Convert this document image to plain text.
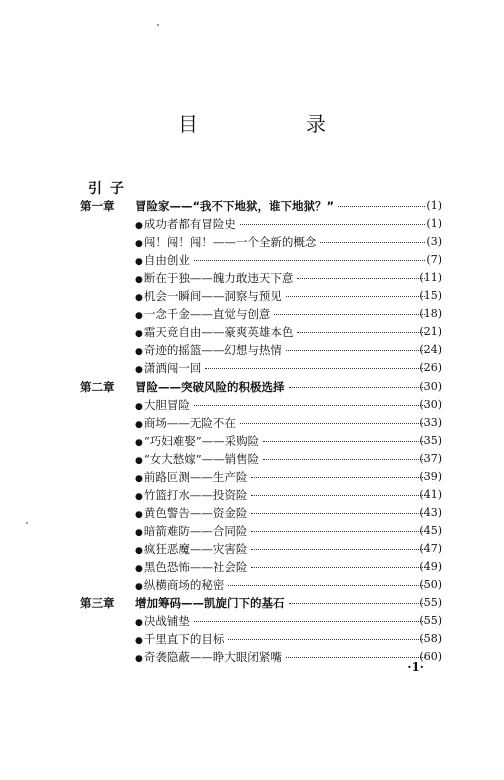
目　录
引子
第一章 冒险家——“我不下地狱，谁下地狱？”	(1)
● 成功者都有冒险史	(1)
● 闯！闯！闯！——一个全新的概念	(3)
● 自由创业	(7)
● 断在于独——魄力敢违天下意	(11)
● 机会一瞬间——洞察与预见	(15)
● 一念千金——直觉与创意	(18)
● 霜天竞自由——豪爽英雄本色	(21)
● 奇迹的摇篮——幻想与热情	(24)
● 潇洒闯一回	(26)
第二章 冒险——突破风险的积极选择	(30)
● 大胆冒险	(30)
● 商场——无险不在	(33)
● “巧妇难娶”——采购险	(35)
● “女大愁嫁”——销售险	(37)
● 前路叵测——生产险	(39)
● 竹篮打水——投资险	(41)
● 黄色警告——资金险	(43)
● 暗箭难防——合同险	(45)
● 疯狂恶魔——灾害险	(47)
● 黑色恐怖——社会险	(49)
● 纵横商场的秘密	(50)
第三章 增加筹码——凯旋门下的基石	(55)
● 决战铺垫	(55)
● 千里直下的目标	(58)
● 奇袭隐蔽——睁大眼闭紧嘴	(60)
·1·
